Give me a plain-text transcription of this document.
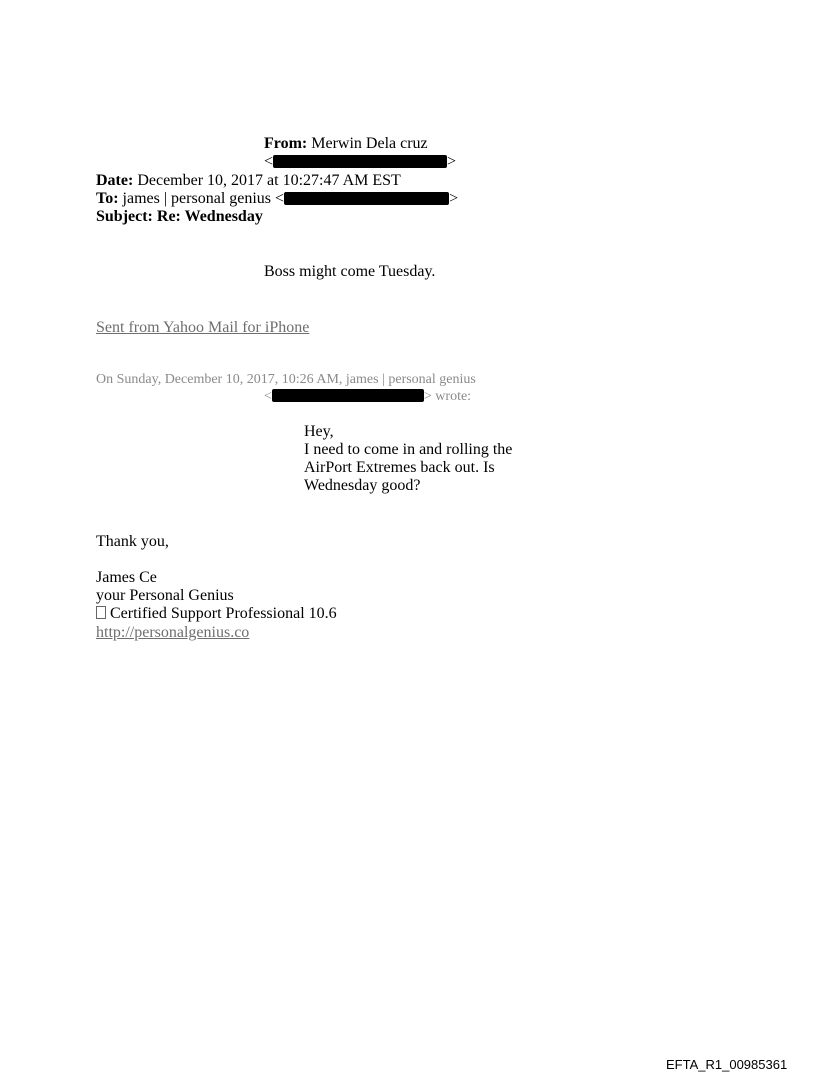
From: Merwin Dela cruz
<	>
Date: December 10, 2017 at 10:27:47 AM EST
To: james | personal genius <	>
Subject: Re: Wednesday
Boss might come Tuesday.
Sent from Yahoo Mail for iPhone
On Sunday, December 10, 2017, 10:26 AM, james | personal genius
<	> wrote:
Hey,
I need to come in and rolling the
AirPort Extremes back out. Is
Wednesday good?
Thank you,
James Ce
your Personal Genius
Certified Support Professional 10.6
http://personalgenius.co
EFTA_R1_00985361
